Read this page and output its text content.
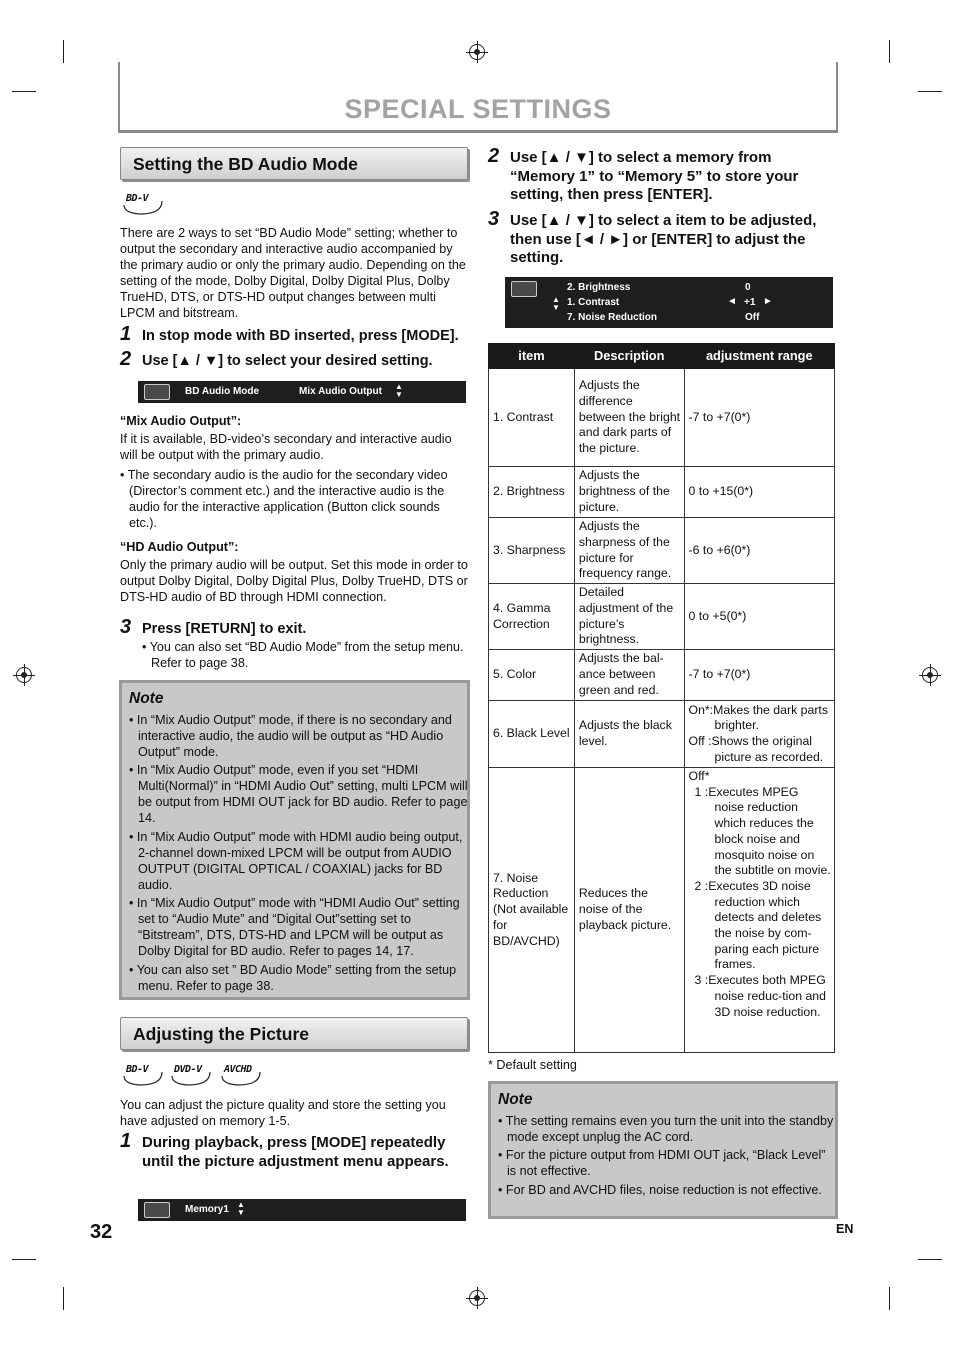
SPECIAL SETTINGS
Setting the BD Audio Mode
BD-V
There are 2 ways to set “BD Audio Mode” setting; whether to output the secondary and interactive audio accompanied by the primary audio or only the primary audio. Depending on the setting of the mode, Dolby Digital, Dolby Digital Plus, Dolby TrueHD, DTS, or DTS-HD output changes between multi LPCM and bitstream.
1 In stop mode with BD inserted, press [MODE].
2 Use [▲ / ▼] to select your desired setting.
BD Audio Mode	Mix Audio Output ▲
▼
“Mix Audio Output”:
If it is available, BD-video’s secondary and interactive audio will be output with the primary audio.
• The secondary audio is the audio for the secondary video (Director’s comment etc.) and the interactive audio is the audio for the interactive application (Button click sounds etc.).
“HD Audio Output”:
Only the primary audio will be output. Set this mode in order to output Dolby Digital, Dolby Digital Plus, Dolby TrueHD, DTS or DTS-HD audio of BD through HDMI connection.
3 Press [RETURN] to exit.
• You can also set “BD Audio Mode” from the setup menu. Refer to page 38.
Note
• In “Mix Audio Output” mode, if there is no secondary and interactive audio, the audio will be output as “HD Audio Output” mode.
• In “Mix Audio Output” mode, even if you set “HDMI Multi(Normal)” in “HDMI Audio Out” setting, multi LPCM will be output from HDMI OUT jack for BD audio. Refer to page 14.
• In “Mix Audio Output” mode with HDMI audio being output, 2-channel down-mixed LPCM will be output from AUDIO OUTPUT (DIGITAL OPTICAL / COAXIAL) jacks for BD audio.
• In “Mix Audio Output” mode with “HDMI Audio Out” setting set to “Audio Mute” and “Digital Out”setting set to “Bitstream”, DTS, DTS-HD and LPCM will be output as Dolby Digital for BD audio. Refer to pages 14, 17.
• You can also set ” BD Audio Mode” setting from the setup menu. Refer to page 38.
Adjusting the Picture
BD-V	DVD-V AVCHD
You can adjust the picture quality and store the setting you have adjusted on memory 1-5.
1 During playback, press [MODE] repeatedly until the picture adjustment menu appears.
Memory1 ▲
▼
32
2 Use [▲ / ▼] to select a memory from “Memory 1” to “Memory 5” to store your setting, then press [ENTER].
3 Use [▲ / ▼] to select a item to be adjusted, then use [◄ / ►] or [ENTER] to adjust the setting.
▲
▼
2. Brightness	0
1. Contrast	◄ +1 ►
7. Noise Reduction	Off
item	Description	adjustment range
1. Contrast	Adjusts the difference between the bright and dark parts of the picture.	-7 to +7(0*)
2. Brightness	Adjusts the brightness of the picture.	0 to +15(0*)
3. Sharpness	Adjusts the sharpness of the picture for frequency range.	-6 to +6(0*)
4. Gamma Correction	Detailed adjustment of the picture’s brightness.	0 to +5(0*)
5. Color	Adjusts the bal-ance between green and red.	-7 to +7(0*)
6. Black Level	Adjusts the black level.	On*:Makes the dark parts brighter.
Off :Shows the original picture as recorded.

7. Noise Reduction (Not available for BD/AVCHD)	Reduces the noise of the playback picture.	Off*
1 :Executes MPEG noise reduction which reduces the block noise and mosquito noise on the subtitle on movie.
2 :Executes 3D noise reduction which detects and deletes the noise by com-paring each picture frames.
3 :Executes both MPEG noise reduc-tion and 3D noise reduction.
* Default setting
Note
• The setting remains even you turn the unit into the standby mode except unplug the AC cord.
• For the picture output from HDMI OUT jack, “Black Level” is not effective.
• For BD and AVCHD files, noise reduction is not effective.
EN
